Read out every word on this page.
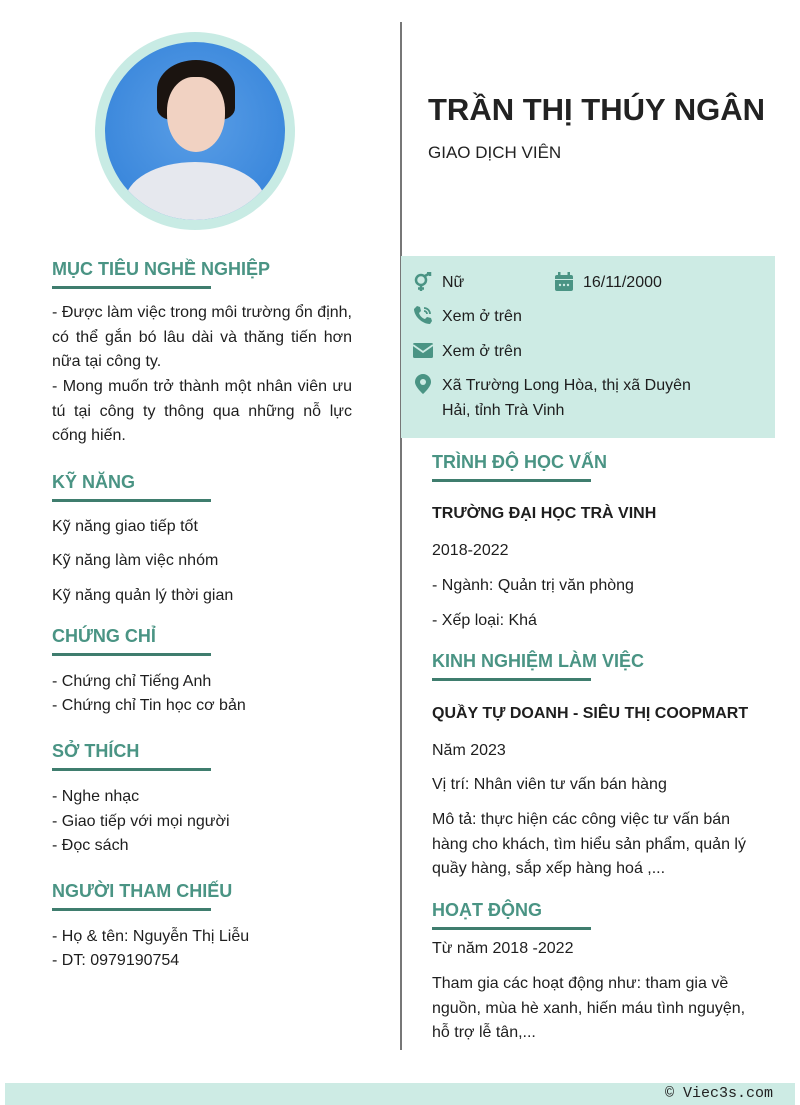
TRẦN THỊ THÚY NGÂN
GIAO DỊCH VIÊN
Nữ	16/11/2000
Xem ở trên
Xem ở trên
Xã Trường Long Hòa, thị xã Duyên
Hải, tỉnh Trà Vinh
MỤC TIÊU NGHỀ NGHIỆP
- Được làm việc trong môi trường ổn định, có thể gắn bó lâu dài và thăng tiến hơn nữa tại công ty.
- Mong muốn trở thành một nhân viên ưu tú tại công ty thông qua những nỗ lực cống hiến.
KỸ NĂNG
Kỹ năng giao tiếp tốt
Kỹ năng làm việc nhóm
Kỹ năng quản lý thời gian
CHỨNG CHỈ
- Chứng chỉ Tiếng Anh
- Chứng chỉ Tin học cơ bản
SỞ THÍCH
- Nghe nhạc
- Giao tiếp với mọi người
- Đọc sách
NGƯỜI THAM CHIẾU
- Họ & tên: Nguyễn Thị Liễu
- DT: 0979190754
TRÌNH ĐỘ HỌC VẤN
TRƯỜNG ĐẠI HỌC TRÀ VINH
2018-2022
- Ngành: Quản trị văn phòng
- Xếp loại: Khá
KINH NGHIỆM LÀM VIỆC
QUẦY TỰ DOANH - SIÊU THỊ COOPMART
Năm 2023
Vị trí: Nhân viên tư vấn bán hàng
Mô tả: thực hiện các công việc tư vấn bán hàng cho khách, tìm hiểu sản phẩm, quản lý quầy hàng, sắp xếp hàng hoá ,...
HOẠT ĐỘNG
Từ năm 2018 -2022
Tham gia các hoạt động như: tham gia về nguồn, mùa hè xanh, hiến máu tình nguyện, hỗ trợ lễ tân,...
© Viec3s.com
